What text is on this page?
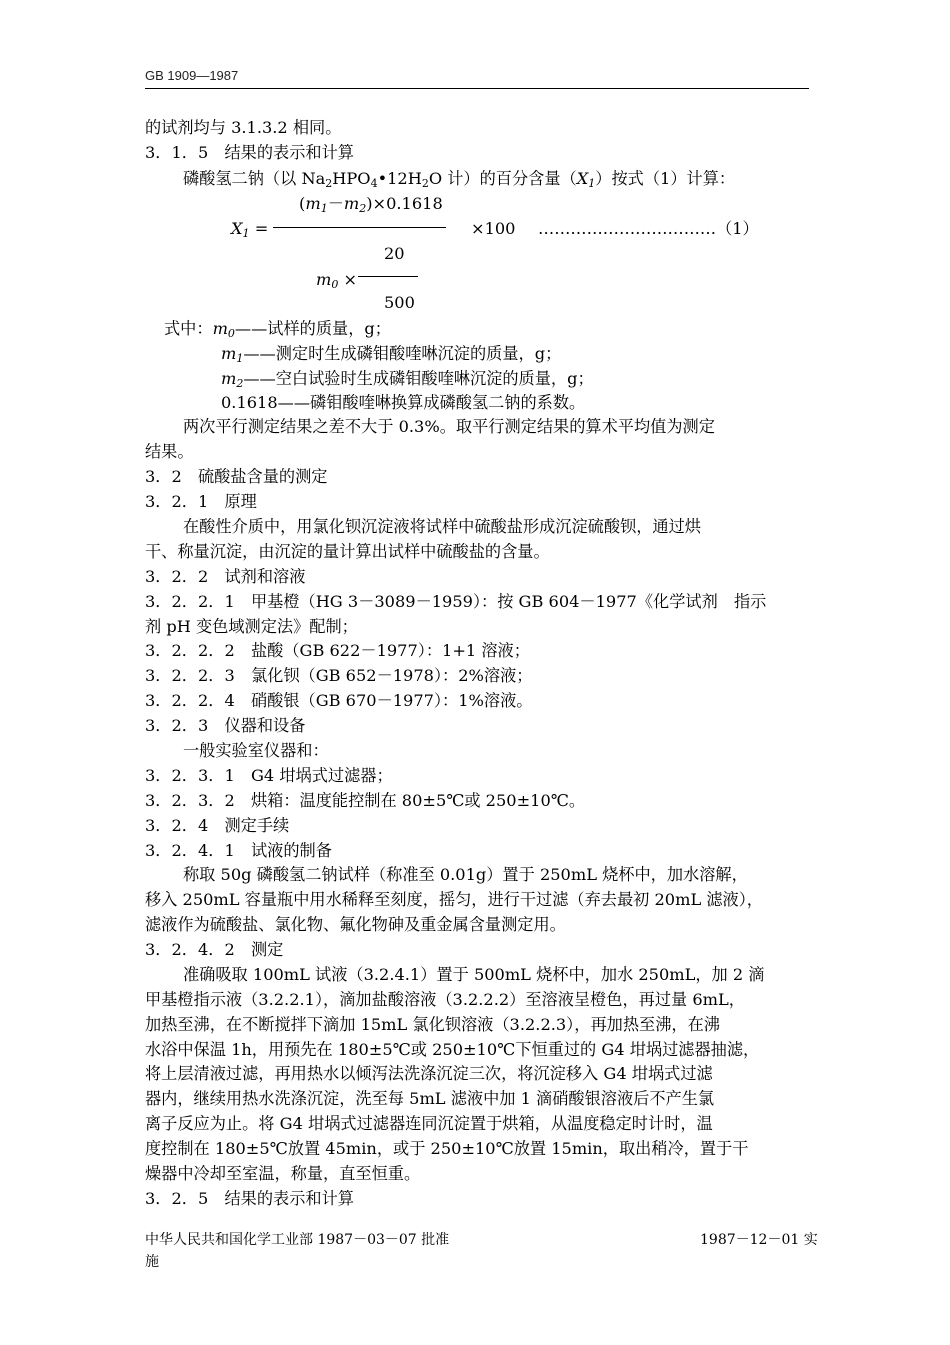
GB 1909—1987
的试剂均与 3.1.3.2 相同。
3．1．5　结果的表示和计算
磷酸氢二钠（以 $Na_2HPO_4•12H_2O$ 计）的百分含量$(X_1)$按式（1）计算：
$(m_1-m_2)\times 0.1618$
$X_1$ =	×100 ……………………………（1）
20
$m_0$ ×
500
式中：$m_0——$试样的质量，g；
$m_1——$测定时生成磷钼酸喹啉沉淀的质量，g；
$m_2——$空白试验时生成磷钼酸喹啉沉淀的质量，g；
0.1618——磷钼酸喹啉换算成磷酸氢二钠的系数。
两次平行测定结果之差不大于 0.3%。取平行测定结果的算术平均值为测定
结果。
3．2　硫酸盐含量的测定
3．2．1　原理
在酸性介质中，用氯化钡沉淀液将试样中硫酸盐形成沉淀硫酸钡，通过烘
干、称量沉淀，由沉淀的量计算出试样中硫酸盐的含量。
3．2．2　试剂和溶液
3．2．2．1　甲基橙（HG 3－3089－1959）：按 GB 604－1977《化学试剂　指示
剂 pH 变色域测定法》配制；
3．2．2．2　盐酸（GB 622－1977）：1+1 溶液；
3．2．2．3　氯化钡（GB 652－1978）：2%溶液；
3．2．2．4　硝酸银（GB 670－1977）：1%溶液。
3．2．3　仪器和设备
一般实验室仪器和：
3．2．3．1　G4 坩埚式过滤器；
3．2．3．2　烘箱：温度能控制在 80±5℃或 250±10℃。
3．2．4　测定手续
3．2．4．1　试液的制备
称取 50g 磷酸氢二钠试样（称准至 0.01g）置于 250mL 烧杯中，加水溶解，
移入 250mL 容量瓶中用水稀释至刻度，摇匀，进行干过滤（弃去最初 20mL 滤液），
滤液作为硫酸盐、氯化物、氟化物砷及重金属含量测定用。
3．2．4．2　测定
准确吸取 100mL 试液（3.2.4.1）置于 500mL 烧杯中，加水 250mL，加 2 滴
甲基橙指示液（3.2.2.1），滴加盐酸溶液（3.2.2.2）至溶液呈橙色，再过量 6mL，
加热至沸，在不断搅拌下滴加 15mL 氯化钡溶液（3.2.2.3），再加热至沸，在沸
水浴中保温 1h，用预先在 180±5℃或 250±10℃下恒重过的 G4 坩埚过滤器抽滤，
将上层清液过滤，再用热水以倾泻法洗涤沉淀三次，将沉淀移入 G4 坩埚式过滤
器内，继续用热水洗涤沉淀，洗至每 5mL 滤液中加 1 滴硝酸银溶液后不产生氯
离子反应为止。将 G4 坩埚式过滤器连同沉淀置于烘箱，从温度稳定时计时，温
度控制在 180±5℃放置 45min，或于 250±10℃放置 15min，取出稍冷，置于干
燥器中冷却至室温，称量，直至恒重。
3．2．5　结果的表示和计算
中华人民共和国化学工业部 1987－03－07 批准
施
1987－12－01 实
